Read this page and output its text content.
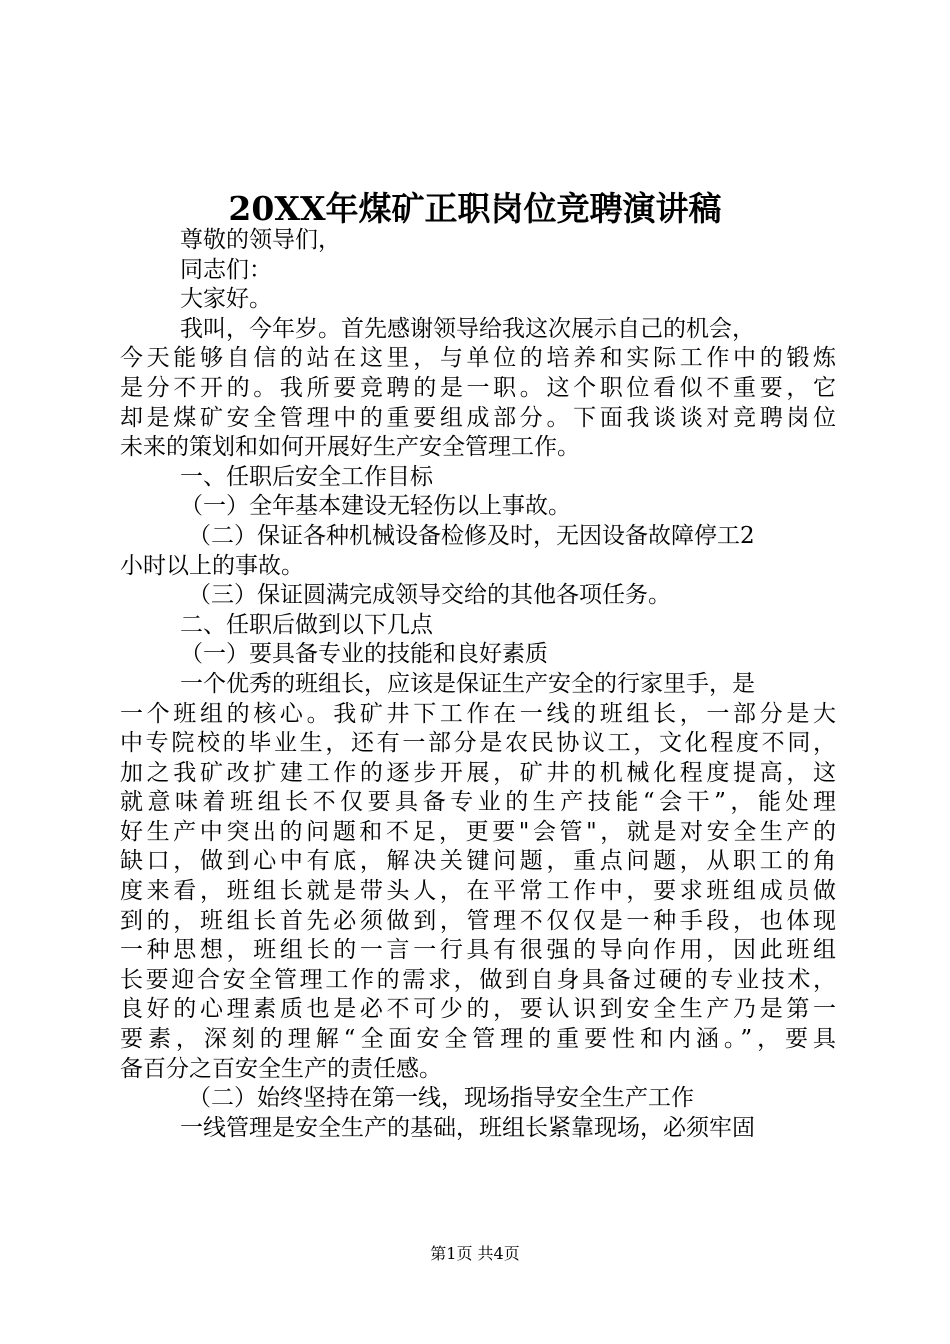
20XX年煤矿正职岗位竞聘演讲稿
尊敬的领导们，
同志们：
大家好。
我叫，今年岁。首先感谢领导给我这次展示自己的机会，
今天能够自信的站在这里，与单位的培养和实际工作中的锻炼
是分不开的。我所要竞聘的是一职。这个职位看似不重要，它
却是煤矿安全管理中的重要组成部分。下面我谈谈对竞聘岗位
未来的策划和如何开展好生产安全管理工作。
一、任职后安全工作目标
（一）全年基本建设无轻伤以上事故。
（二）保证各种机械设备检修及时，无因设备故障停工2
小时以上的事故。
（三）保证圆满完成领导交给的其他各项任务。
二、任职后做到以下几点
（一）要具备专业的技能和良好素质
一个优秀的班组长，应该是保证生产安全的行家里手，是
一个班组的核心。我矿井下工作在一线的班组长，一部分是大
中专院校的毕业生，还有一部分是农民协议工，文化程度不同，
加之我矿改扩建工作的逐步开展，矿井的机械化程度提高，这
就意味着班组长不仅要具备专业的生产技能“会干”，能处理
好生产中突出的问题和不足，更要"会管"，就是对安全生产的
缺口，做到心中有底，解决关键问题，重点问题，从职工的角
度来看，班组长就是带头人，在平常工作中，要求班组成员做
到的，班组长首先必须做到，管理不仅仅是一种手段，也体现
一种思想，班组长的一言一行具有很强的导向作用，因此班组
长要迎合安全管理工作的需求，做到自身具备过硬的专业技术，
良好的心理素质也是必不可少的，要认识到安全生产乃是第一
要素，深刻的理解“全面安全管理的重要性和内涵。”，要具
备百分之百安全生产的责任感。
（二）始终坚持在第一线，现场指导安全生产工作
一线管理是安全生产的基础，班组长紧靠现场，必须牢固
第1页 共4页
